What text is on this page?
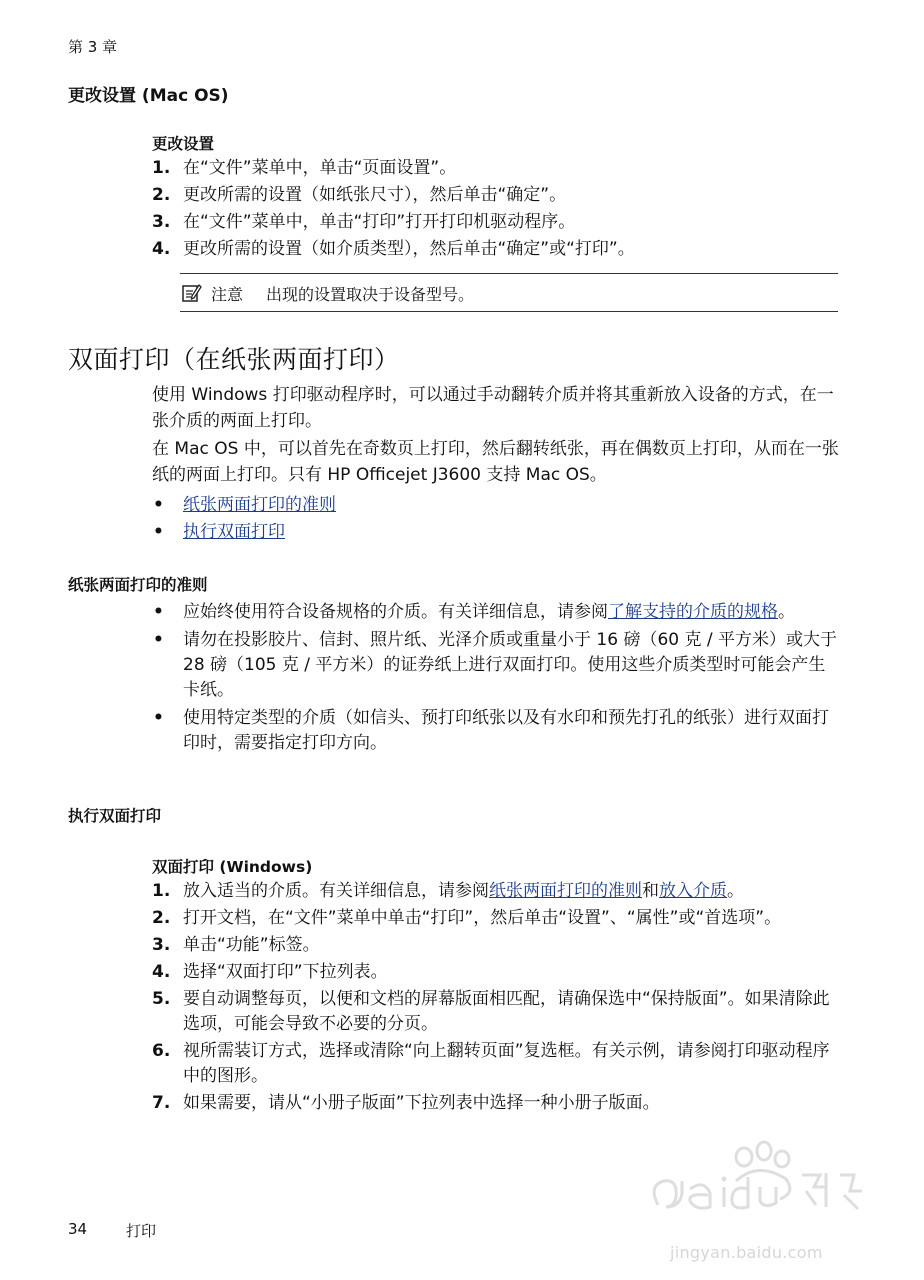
第 3 章
更改设置 (Mac OS)
更改设置
1. 在“文件”菜单中，单击“页面设置”。
2. 更改所需的设置（如纸张尺寸），然后单击“确定”。
3. 在“文件”菜单中，单击“打印”打开打印机驱动程序。
4. 更改所需的设置（如介质类型），然后单击“确定”或“打印”。
注意 出现的设置取决于设备型号。
双面打印（在纸张两面打印）
使用 Windows 打印驱动程序时，可以通过手动翻转介质并将其重新放入设备的方式，在一张介质的两面上打印。
在 Mac OS 中，可以首先在奇数页上打印，然后翻转纸张，再在偶数页上打印，从而在一张纸的两面上打印。只有 HP Officejet J3600 支持 Mac OS。
• 纸张两面打印的准则
• 执行双面打印
纸张两面打印的准则
• 应始终使用符合设备规格的介质。有关详细信息，请参阅了解支持的介质的规格。
• 请勿在投影胶片、信封、照片纸、光泽介质或重量小于 16 磅（60 克 / 平方米）或大于 28 磅（105 克 / 平方米）的证券纸上进行双面打印。使用这些介质类型时可能会产生卡纸。
• 使用特定类型的介质（如信头、预打印纸张以及有水印和预先打孔的纸张）进行双面打印时，需要指定打印方向。
执行双面打印
双面打印 (Windows)
1. 放入适当的介质。有关详细信息，请参阅纸张两面打印的准则和放入介质。
2. 打开文档，在“文件”菜单中单击“打印”，然后单击“设置”、“属性”或“首选项”。
3. 单击“功能”标签。
4. 选择“双面打印”下拉列表。
5. 要自动调整每页，以便和文档的屏幕版面相匹配，请确保选中“保持版面”。如果清除此选项，可能会导致不必要的分页。
6. 视所需装订方式，选择或清除“向上翻转页面”复选框。有关示例，请参阅打印驱动程序中的图形。
7. 如果需要，请从“小册子版面”下拉列表中选择一种小册子版面。
34	打印
jingyan.baidu.com
